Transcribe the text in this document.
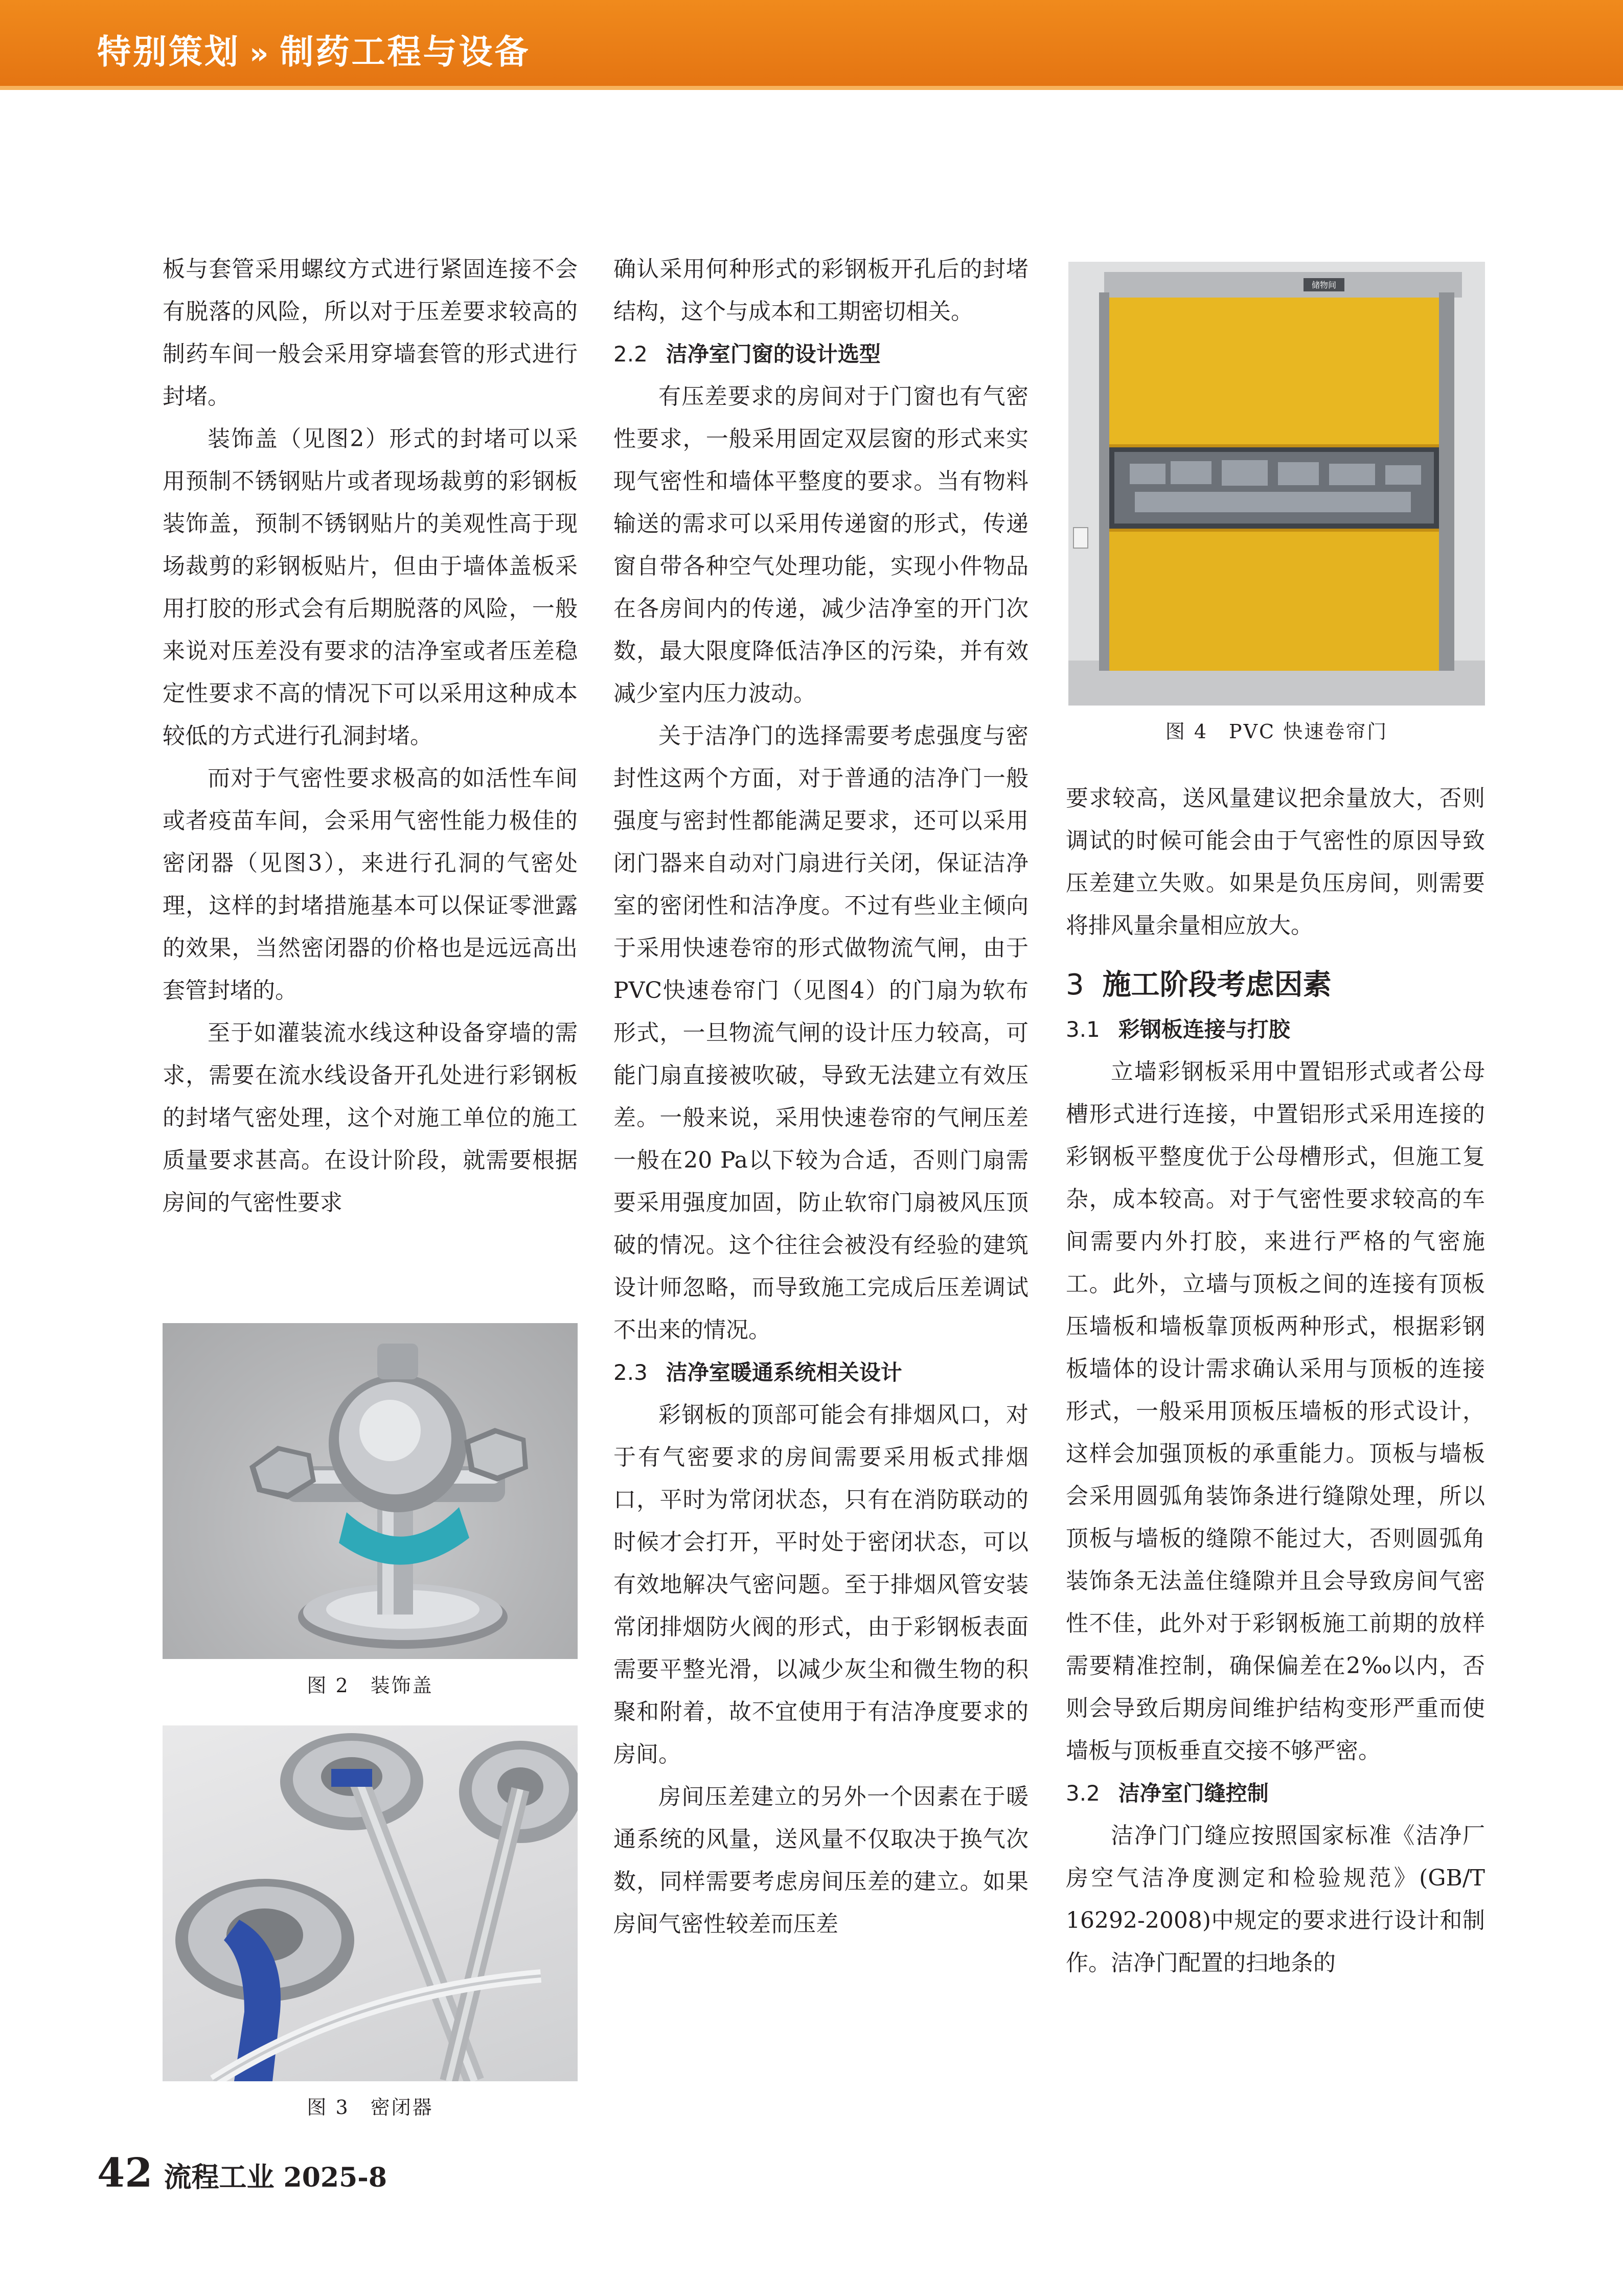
特别策划 » 制药工程与设备

板与套管采用螺纹方式进行紧固连接不会有脱落的风险，所以对于压差要求较高的制药车间一般会采用穿墙套管的形式进行封堵。

装饰盖（见图2）形式的封堵可以采用预制不锈钢贴片或者现场裁剪的彩钢板装饰盖，预制不锈钢贴片的美观性高于现场裁剪的彩钢板贴片，但由于墙体盖板采用打胶的形式会有后期脱落的风险，一般来说对压差没有要求的洁净室或者压差稳定性要求不高的情况下可以采用这种成本较低的方式进行孔洞封堵。

而对于气密性要求极高的如活性车间或者疫苗车间，会采用气密性能力极佳的密闭器（见图3），来进行孔洞的气密处理，这样的封堵措施基本可以保证零泄露的效果，当然密闭器的价格也是远远高出套管封堵的。

至于如灌装流水线这种设备穿墙的需求，需要在流水线设备开孔处进行彩钢板的封堵气密处理，这个对施工单位的施工质量要求甚高。在设计阶段，就需要根据房间的气密性要求

图 2　装饰盖
图 3　密闭器

确认采用何种形式的彩钢板开孔后的封堵结构，这个与成本和工期密切相关。

2.2 洁净室门窗的设计选型

有压差要求的房间对于门窗也有气密性要求，一般采用固定双层窗的形式来实现气密性和墙体平整度的要求。当有物料输送的需求可以采用传递窗的形式，传递窗自带各种空气处理功能，实现小件物品在各房间内的传递，减少洁净室的开门次数，最大限度降低洁净区的污染，并有效减少室内压力波动。

关于洁净门的选择需要考虑强度与密封性这两个方面，对于普通的洁净门一般强度与密封性都能满足要求，还可以采用闭门器来自动对门扇进行关闭，保证洁净室的密闭性和洁净度。不过有些业主倾向于采用快速卷帘的形式做物流气闸，由于PVC快速卷帘门（见图4）的门扇为软布形式，一旦物流气闸的设计压力较高，可能门扇直接被吹破，导致无法建立有效压差。一般来说，采用快速卷帘的气闸压差一般在20 Pa以下较为合适，否则门扇需要采用强度加固，防止软帘门扇被风压顶破的情况。这个往往会被没有经验的建筑设计师忽略，而导致施工完成后压差调试不出来的情况。

2.3 洁净室暖通系统相关设计

彩钢板的顶部可能会有排烟风口，对于有气密要求的房间需要采用板式排烟口，平时为常闭状态，只有在消防联动的时候才会打开，平时处于密闭状态，可以有效地解决气密问题。至于排烟风管安装常闭排烟防火阀的形式，由于彩钢板表面需要平整光滑，以减少灰尘和微生物的积聚和附着，故不宜使用于有洁净度要求的房间。

房间压差建立的另外一个因素在于暖通系统的风量，送风量不仅取决于换气次数，同样需要考虑房间压差的建立。如果房间气密性较差而压差

储物间
图 4　PVC 快速卷帘门

要求较高，送风量建议把余量放大，否则调试的时候可能会由于气密性的原因导致压差建立失败。如果是负压房间，则需要将排风量余量相应放大。

3 施工阶段考虑因素
3.1 彩钢板连接与打胶

立墙彩钢板采用中置铝形式或者公母槽形式进行连接，中置铝形式采用连接的彩钢板平整度优于公母槽形式，但施工复杂，成本较高。对于气密性要求较高的车间需要内外打胶，来进行严格的气密施工。此外，立墙与顶板之间的连接有顶板压墙板和墙板靠顶板两种形式，根据彩钢板墙体的设计需求确认采用与顶板的连接形式，一般采用顶板压墙板的形式设计，这样会加强顶板的承重能力。顶板与墙板会采用圆弧角装饰条进行缝隙处理，所以顶板与墙板的缝隙不能过大，否则圆弧角装饰条无法盖住缝隙并且会导致房间气密性不佳，此外对于彩钢板施工前期的放样需要精准控制，确保偏差在2‰以内，否则会导致后期房间维护结构变形严重而使墙板与顶板垂直交接不够严密。

3.2 洁净室门缝控制

洁净门门缝应按照国家标准《洁净厂房空气洁净度测定和检验规范》(GB/T 16292-2008)中规定的要求进行设计和制作。洁净门配置的扫地条的

42 流程工业 2025-8
